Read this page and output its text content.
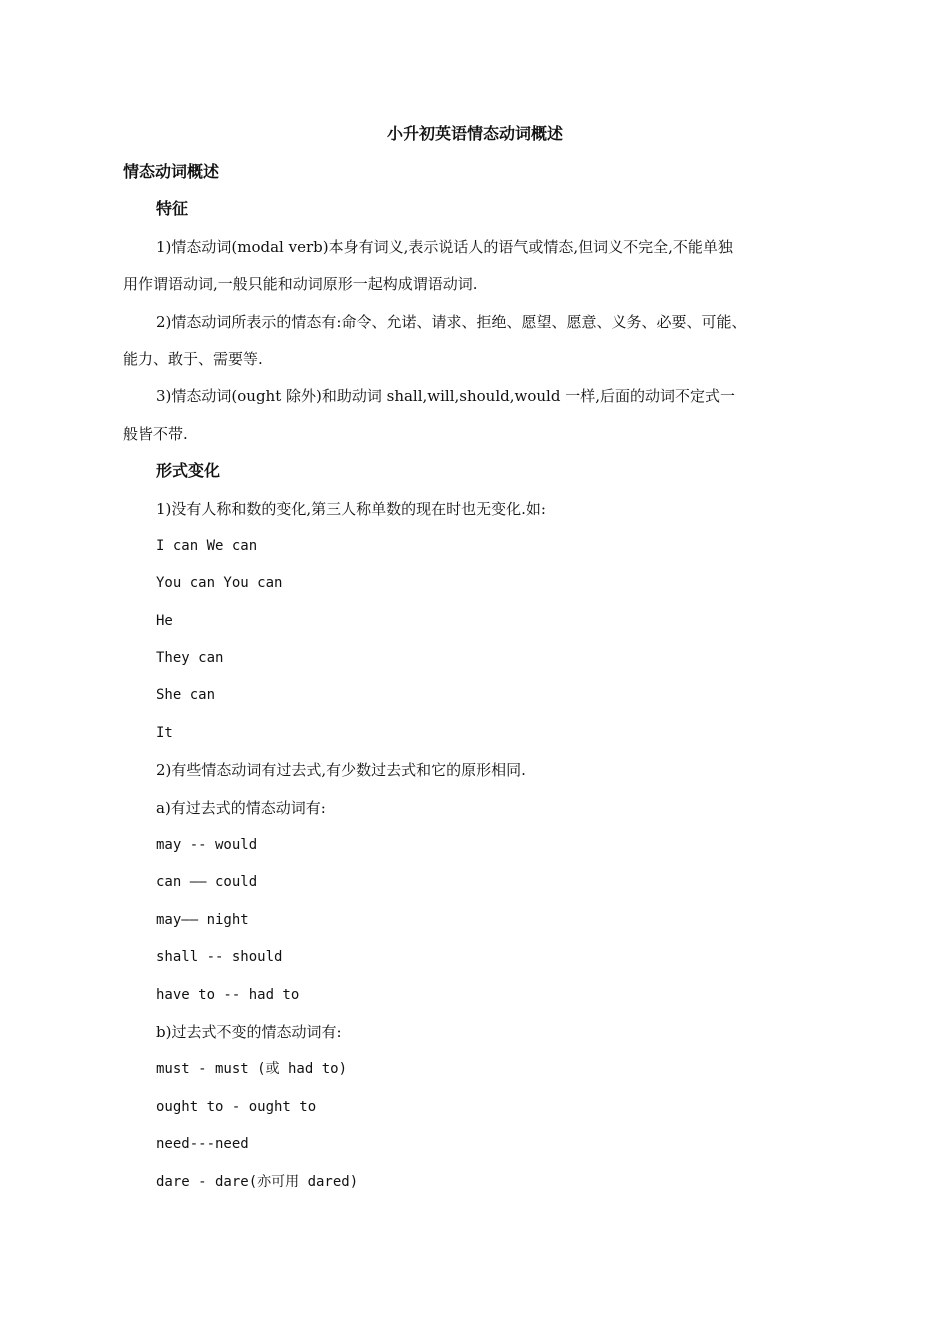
小升初英语情态动词概述
情态动词概述
特征
1)情态动词(modal verb)本身有词义,表示说话人的语气或情态,但词义不完全,不能单独
用作谓语动词,一般只能和动词原形一起构成谓语动词.
2)情态动词所表示的情态有:命令、允诺、请求、拒绝、愿望、愿意、义务、必要、可能、
能力、敢于、需要等.
3)情态动词(ought 除外)和助动词 shall,will,should,would 一样,后面的动词不定式一
般皆不带.
形式变化
1)没有人称和数的变化,第三人称单数的现在时也无变化.如:
I can We can
You can You can
He
They can
She can
It
2)有些情态动词有过去式,有少数过去式和它的原形相同.
a)有过去式的情态动词有:
may -- would
can —— could
may—— night
shall -- should
have to -- had to
b)过去式不变的情态动词有:
must - must (或 had to)
ought to - ought to
need---need
dare - dare(亦可用 dared)
